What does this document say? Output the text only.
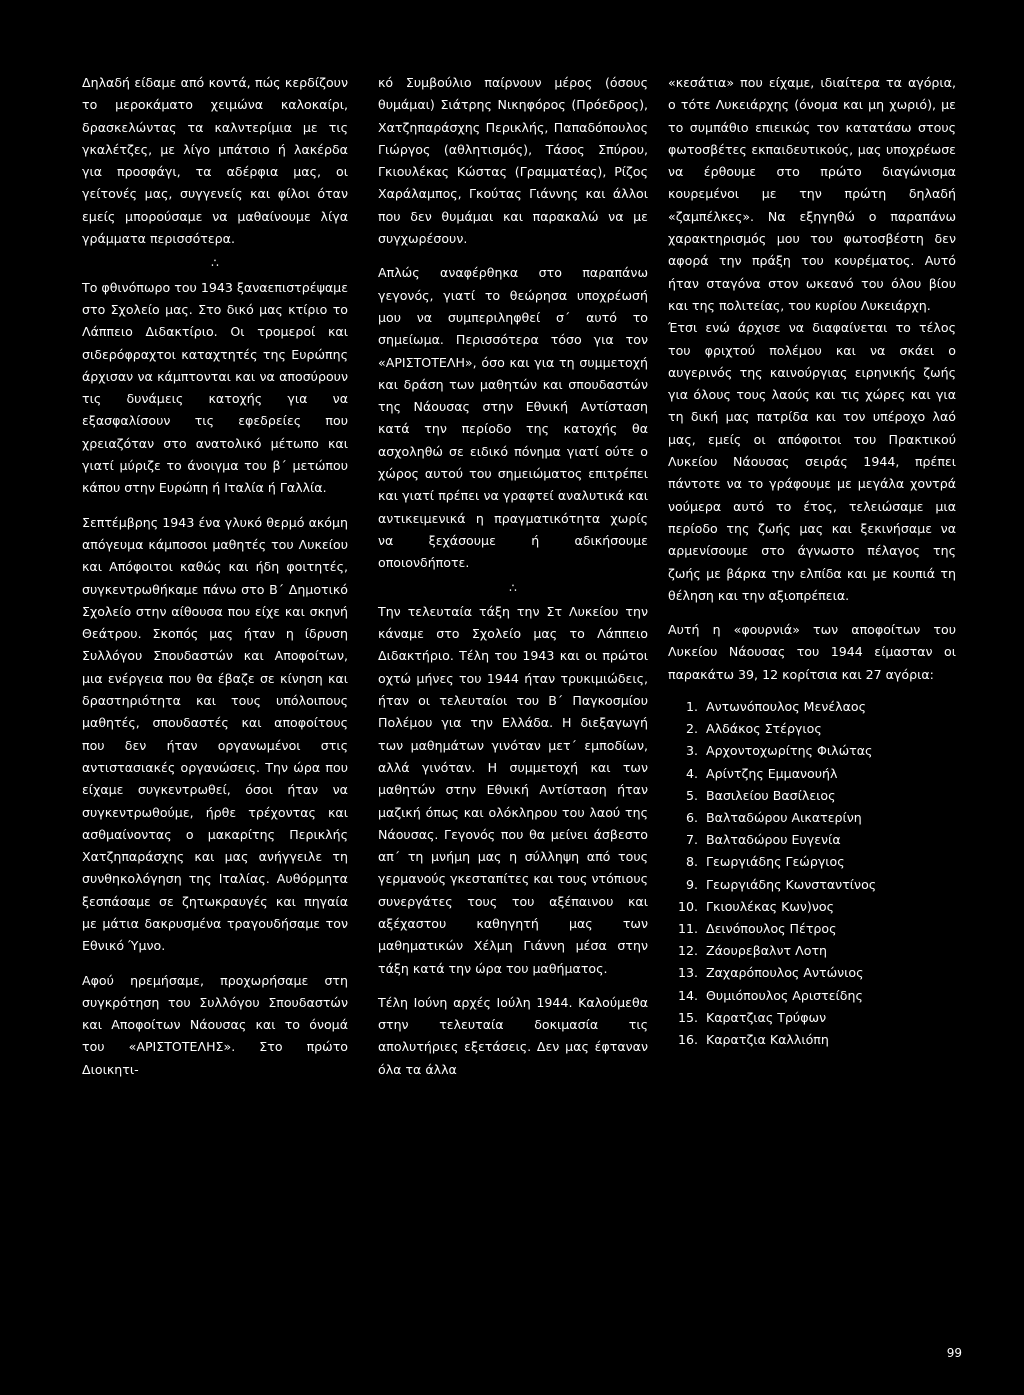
Δηλαδή είδαμε από κοντά, πώς κερδίζουν το μεροκάματο χειμώνα καλοκαίρι, δρασκελώντας τα καλντερίμια με τις γκαλέτζες, με λίγο μπάτσιο ή λακέρδα για προσφάγι, τα αδέρφια μας, οι γείτονές μας, συγγενείς και φίλοι όταν εμείς μπορούσαμε να μαθαίνουμε λίγα γράμματα περισσότερα.

∴

Το φθινόπωρο του 1943 ξαναεπιστρέψαμε στο Σχολείο μας. Στο δικό μας κτίριο το Λάππειο Διδακτίριο. Οι τρομεροί και σιδερόφραχτοι καταχτητές της Ευρώπης άρχισαν να κάμπτονται και να αποσύρουν τις δυνάμεις κατοχής για να εξασφαλίσουν τις εφεδρείες που χρειαζόταν στο ανατολικό μέτωπο και γιατί μύριζε το άνοιγμα του β΄ μετώπου κάπου στην Ευρώπη ή Ιταλία ή Γαλλία.

Σεπτέμβρης 1943 ένα γλυκό θερμό ακόμη απόγευμα κάμποσοι μαθητές του Λυκείου και Απόφοιτοι καθώς και ήδη φοιτητές, συγκεντρωθήκαμε πάνω στο Β΄ Δημοτικό Σχολείο στην αίθουσα που είχε και σκηνή Θεάτρου. Σκοπός μας ήταν η ίδρυση Συλλόγου Σπουδαστών και Αποφοίτων, μια ενέργεια που θα έβαζε σε κίνηση και δραστηριότητα και τους υπόλοιπους μαθητές, σπουδαστές και αποφοίτους που δεν ήταν οργανωμένοι στις αντιστασιακές οργανώσεις. Την ώρα που είχαμε συγκεντρωθεί, όσοι ήταν να συγκεντρωθούμε, ήρθε τρέχοντας και ασθμαίνοντας ο μακαρίτης Περικλής Χατζηπαράσχης και μας ανήγγειλε τη συνθηκολόγηση της Ιταλίας. Αυθόρμητα ξεσπάσαμε σε ζητωκραυγές και πηγαία με μάτια δακρυσμένα τραγουδήσαμε τον Εθνικό Ύμνο.

Αφού ηρεμήσαμε, προχωρήσαμε στη συγκρότηση του Συλλόγου Σπουδαστών και Αποφοίτων Νάουσας και το όνομά του «ΑΡΙΣΤΟΤΕΛΗΣ». Στο πρώτο Διοικητι-

κό Συμβούλιο παίρνουν μέρος (όσους θυμάμαι) Σιάτρης Νικηφόρος (Πρόεδρος), Χατζηπαράσχης Περικλής, Παπαδόπουλος Γιώργος (αθλητισμός), Τάσος Σπύρου, Γκιουλέκας Κώστας (Γραμματέας), Ρίζος Χαράλαμπος, Γκούτας Γιάννης και άλλοι που δεν θυμάμαι και παρακαλώ να με συγχωρέσουν.

Απλώς αναφέρθηκα στο παραπάνω γεγονός, γιατί το θεώρησα υποχρέωσή μου να συμπεριληφθεί σ΄ αυτό το σημείωμα. Περισσότερα τόσο για τον «ΑΡΙΣΤΟΤΕΛΗ», όσο και για τη συμμετοχή και δράση των μαθητών και σπουδαστών της Νάουσας στην Εθνική Αντίσταση κατά την περίοδο της κατοχής θα ασχοληθώ σε ειδικό πόνημα γιατί ούτε ο χώρος αυτού του σημειώματος επιτρέπει και γιατί πρέπει να γραφτεί αναλυτικά και αντικειμενικά η πραγματικότητα χωρίς να ξεχάσουμε ή αδικήσουμε οποιονδήποτε.

∴

Την τελευταία τάξη την Στ Λυκείου την κάναμε στο Σχολείο μας το Λάππειο Διδακτήριο. Τέλη του 1943 και οι πρώτοι οχτώ μήνες του 1944 ήταν τρυκιμιώδεις, ήταν οι τελευταίοι του Β΄ Παγκοσμίου Πολέμου για την Ελλάδα. Η διεξαγωγή των μαθημάτων γινόταν μετ΄ εμποδίων, αλλά γινόταν. Η συμμετοχή και των μαθητών στην Εθνική Αντίσταση ήταν μαζική όπως και ολόκληρου του λαού της Νάουσας. Γεγονός που θα μείνει άσβεστο απ΄ τη μνήμη μας η σύλληψη από τους γερμανούς γκεσταπίτες και τους ντόπιους συνεργάτες τους του αξέπαινου και αξέχαστου καθηγητή μας των μαθηματικών Χέλμη Γιάννη μέσα στην τάξη κατά την ώρα του μαθήματος.

Τέλη Ιούνη αρχές Ιούλη 1944. Καλούμεθα στην τελευταία δοκιμασία τις απολυτήριες εξετάσεις. Δεν μας έφταναν όλα τα άλλα

«κεσάτια» που είχαμε, ιδιαίτερα τα αγόρια, ο τότε Λυκειάρχης (όνομα και μη χωριό), με το συμπάθιο επιεικώς τον κατατάσω στους φωτοσβέτες εκπαιδευτικούς, μας υποχρέωσε να έρθουμε στο πρώτο διαγώνισμα κουρεμένοι με την πρώτη δηλαδή «ζαμπέλκες». Να εξηγηθώ ο παραπάνω χαρακτηρισμός μου του φωτοσβέστη δεν αφορά την πράξη του κουρέματος. Αυτό ήταν σταγόνα στον ωκεανό του όλου βίου και της πολιτείας, του κυρίου Λυκειάρχη.

Έτσι ενώ άρχισε να διαφαίνεται το τέλος του φριχτού πολέμου και να σκάει ο αυγερινός της καινούργιας ειρηνικής ζωής για όλους τους λαούς και τις χώρες και για τη δική μας πατρίδα και τον υπέροχο λαό μας, εμείς οι απόφοιτοι του Πρακτικού Λυκείου Νάουσας σειράς 1944, πρέπει πάντοτε να το γράφουμε με μεγάλα χοντρά νούμερα αυτό το έτος, τελειώσαμε μια περίοδο της ζωής μας και ξεκινήσαμε να αρμενίσουμε στο άγνωστο πέλαγος της ζωής με βάρκα την ελπίδα και με κουπιά τη θέληση και την αξιοπρέπεια.

Αυτή η «φουρνιά» των αποφοίτων του Λυκείου Νάουσας του 1944 είμασταν οι παρακάτω 39, 12 κορίτσια και 27 αγόρια:

1. Αντωνόπουλος Μενέλαος
2. Αλδάκος Στέργιος
3. Αρχοντοχωρίτης Φιλώτας
4. Αρίντζης Εμμανουήλ
5. Βασιλείου Βασίλειος
6. Βαλταδώρου Αικατερίνη
7. Βαλταδώρου Ευγενία
8. Γεωργιάδης Γεώργιος
9. Γεωργιάδης Κωνσταντίνος
10. Γκιουλέκας Κων)νος
11. Δεινόπουλος Πέτρος
12. Ζάουρεβαλντ Λοτη
13. Ζαχαρόπουλος Αντώνιος
14. Θυμιόπουλος Αριστείδης
15. Καρατζιας Τρύφων
16. Καρατζια Καλλιόπη
99
